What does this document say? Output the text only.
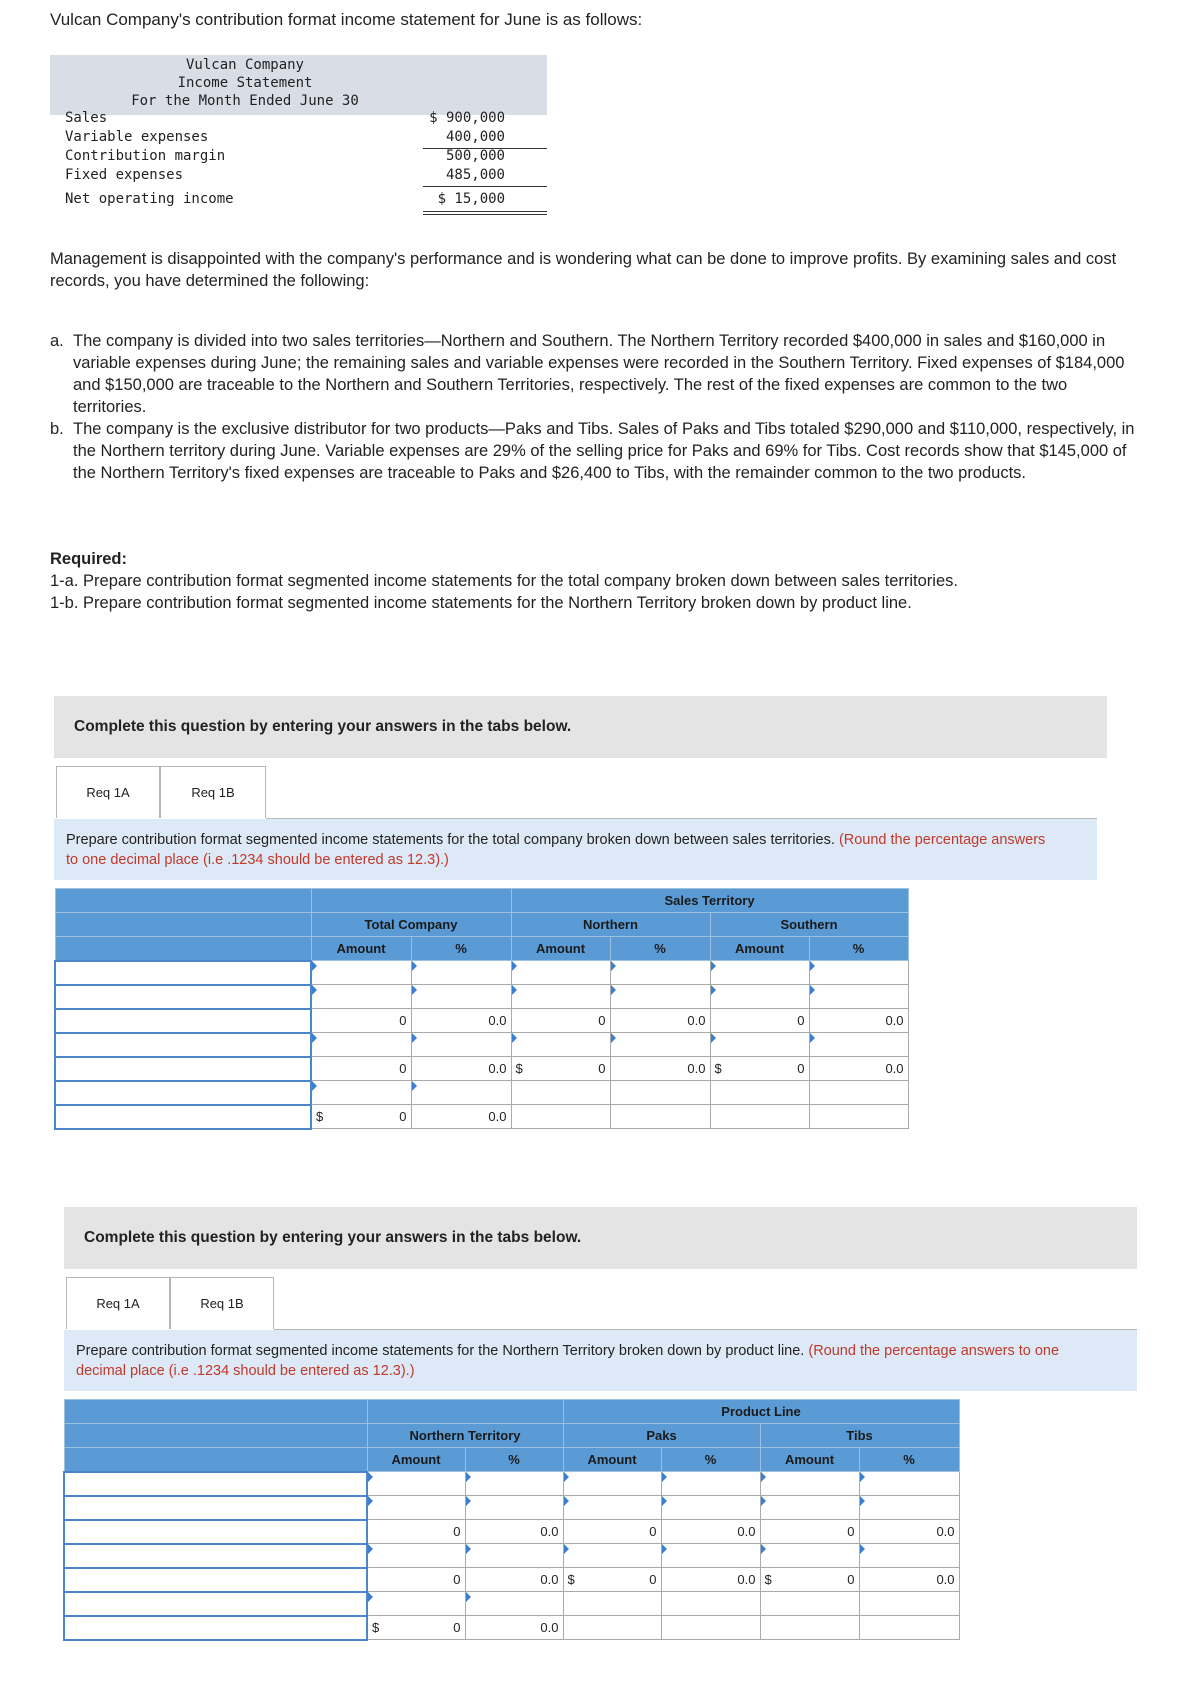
Vulcan Company's contribution format income statement for June is as follows:
Vulcan Company
Income Statement
For the Month Ended June 30
Sales	$ 900,000
Variable expenses	400,000
Contribution margin	500,000
Fixed expenses	485,000
Net operating income	$ 15,000
Management is disappointed with the company's performance and is wondering what can be done to improve profits. By examining sales and cost records, you have determined the following:
a. The company is divided into two sales territories—Northern and Southern. The Northern Territory recorded $400,000 in sales and $160,000 in variable expenses during June; the remaining sales and variable expenses were recorded in the Southern Territory. Fixed expenses of $184,000 and $150,000 are traceable to the Northern and Southern Territories, respectively. The rest of the fixed expenses are common to the two territories.
b. The company is the exclusive distributor for two products—Paks and Tibs. Sales of Paks and Tibs totaled $290,000 and $110,000, respectively, in the Northern territory during June. Variable expenses are 29% of the selling price for Paks and 69% for Tibs. Cost records show that $145,000 of the Northern Territory's fixed expenses are traceable to Paks and $26,400 to Tibs, with the remainder common to the two products.
Required:
1-a. Prepare contribution format segmented income statements for the total company broken down between sales territories.
1-b. Prepare contribution format segmented income statements for the Northern Territory broken down by product line.
Complete this question by entering your answers in the tabs below.
Req 1A	Req 1B
Prepare contribution format segmented income statements for the total company broken down between sales territories. (Round the percentage answers to one decimal place (i.e .1234 should be entered as 12.3).)
			Sales Territory			
	Total Company		Northern		Southern	
	Amount	%	Amount	%	Amount	%

	0	0.0	0	0.0	0	0.0

	0	0.0	$ 0	0.0	$ 0	0.0

	$ 0	0.0				
Complete this question by entering your answers in the tabs below.
Req 1A	Req 1B
Prepare contribution format segmented income statements for the Northern Territory broken down by product line. (Round the percentage answers to one decimal place (i.e .1234 should be entered as 12.3).)
			Product Line			
	Northern Territory		Paks		Tibs	
	Amount	%	Amount	%	Amount	%

	0	0.0	0	0.0	0	0.0

	0	0.0	$ 0	0.0	$ 0	0.0

	$ 0	0.0				
